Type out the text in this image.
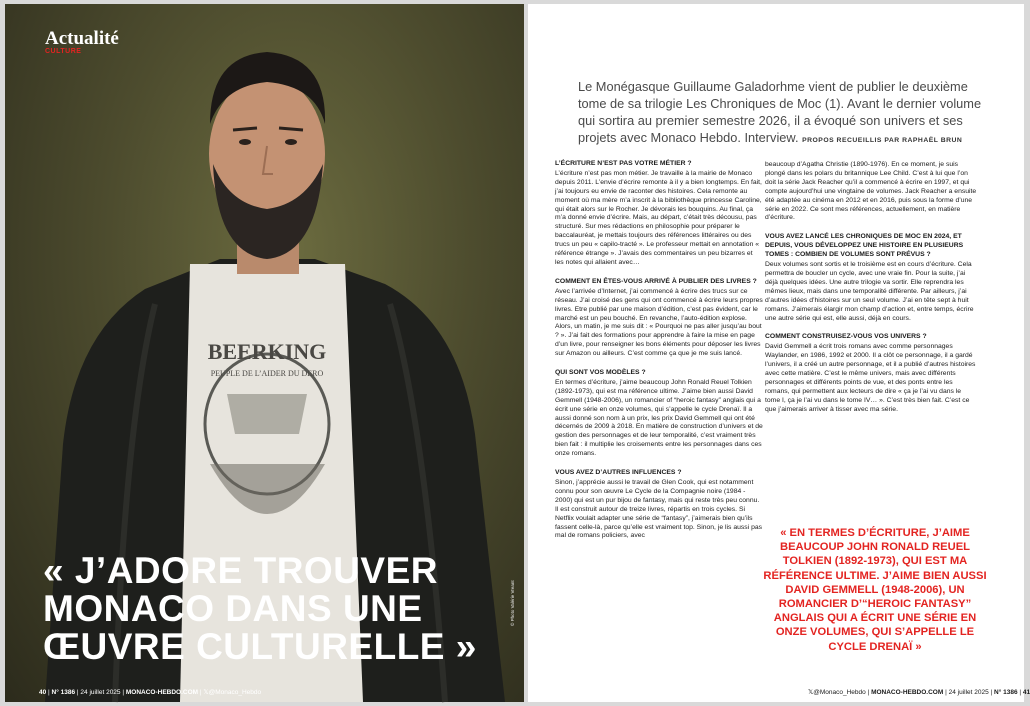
BEERKING
PEUPLE DE L’AIDER DU DERO
Actualité
CULTURE
« J’ADORE TROUVER MONACO DANS UNE ŒUVRE CULTURELLE »
© Photo Valérie Vreant
40 | N° 1386 | 24 juillet 2025 | MONACO-HEBDO.COM | 𝕏@Monaco_Hebdo
Le Monégasque Guillaume Galadorhme vient de publier le deuxième tome de sa trilogie Les Chroniques de Moc (1). Avant le dernier volume qui sortira au premier semestre 2026, il a évoqué son univers et ses projets avec Monaco Hebdo. Interview. PROPOS RECUEILLIS PAR RAPHAËL BRUN
L’ÉCRITURE N’EST PAS VOTRE MÉTIER ?
L’écriture n’est pas mon métier. Je travaille à la mairie de Monaco depuis 2011. L’envie d’écrire remonte à il y a bien longtemps. En fait, j’ai toujours eu envie de raconter des histoires. Cela remonte au moment où ma mère m’a inscrit à la bibliothèque princesse Caroline, qui était alors sur le Rocher. Je dévorais les bouquins. Au final, ça m’a donné envie d’écrire. Mais, au départ, c’était très décousu, pas structuré. Sur mes rédactions en philosophie pour préparer le baccalauréat, je mettais toujours des références littéraires ou des trucs un peu « capilo-tracté ». Le professeur mettait en annotation « référence étrange ». J’avais des commentaires un peu bizarres et les notes qui allaient avec…
COMMENT EN ÊTES-VOUS ARRIVÉ À PUBLIER DES LIVRES ?
Avec l’arrivée d’Internet, j’ai commencé à écrire des trucs sur ce réseau. J’ai croisé des gens qui ont commencé à écrire leurs propres livres. Etre publié par une maison d’édition, c’est pas évident, car le marché est un peu bouché. En revanche, l’auto-édition explose. Alors, un matin, je me suis dit : « Pourquoi ne pas aller jusqu’au bout ? ». J’ai fait des formations pour apprendre à faire la mise en page d’un livre, pour renseigner les bons éléments pour déposer les livres sur Amazon ou ailleurs. C’est comme ça que je me suis lancé.
QUI SONT VOS MODÈLES ?
En termes d’écriture, j’aime beaucoup John Ronald Reuel Tolkien (1892-1973), qui est ma référence ultime. J’aime bien aussi David Gemmell (1948-2006), un romancier of “heroic fantasy” anglais qui a écrit une série en onze volumes, qui s’appelle le cycle Drenaï. Il a aussi donné son nom à un prix, les prix David Gemmell qui ont été décernés de 2009 à 2018. En matière de construction d’univers et de gestion des personnages et de leur temporalité, c’est vraiment très bien fait : il multiplie les croisements entre les personnages dans ces onze romans.
VOUS AVEZ D’AUTRES INFLUENCES ?
Sinon, j’apprécie aussi le travail de Glen Cook, qui est notamment connu pour son œuvre Le Cycle de la Compagnie noire (1984 - 2000) qui est un pur bijou de fantasy, mais qui reste très peu connu. Il est construit autour de treize livres, répartis en trois cycles. Si Netflix voulait adapter une série de “fantasy”, j’aimerais bien qu’ils fassent celle-là, parce qu’elle est vraiment top. Sinon, je lis aussi pas mal de romans policiers, avec
beaucoup d’Agatha Christie (1890-1976). En ce moment, je suis plongé dans les polars du britannique Lee Child. C’est à lui que l’on doit la série Jack Reacher qu’il a commencé à écrire en 1997, et qui compte aujourd’hui une vingtaine de volumes. Jack Reacher a ensuite été adaptée au cinéma en 2012 et en 2016, puis sous la forme d’une série en 2022. Ce sont mes références, actuellement, en matière d’écriture.
VOUS AVEZ LANCÉ LES CHRONIQUES DE MOC EN 2024, ET DEPUIS, VOUS DÉVELOPPEZ UNE HISTOIRE EN PLUSIEURS TOMES : COMBIEN DE VOLUMES SONT PRÉVUS ?
Deux volumes sont sortis et le troisième est en cours d’écriture. Cela permettra de boucler un cycle, avec une vraie fin. Pour la suite, j’ai déjà quelques idées. Une autre trilogie va sortir. Elle reprendra les mêmes lieux, mais dans une temporalité différente. Par ailleurs, j’ai d’autres idées d’histoires sur un seul volume. J’ai en tête sept à huit romans. J’aimerais élargir mon champ d’action et, entre temps, écrire une autre série qui est, elle aussi, déjà en cours.
COMMENT CONSTRUISEZ-VOUS VOS UNIVERS ?
David Gemmell a écrit trois romans avec comme personnages Waylander, en 1986, 1992 et 2000. Il a clôt ce personnage, il a gardé l’univers, il a créé un autre personnage, et il a publié d’autres histoires avec cette matière. C’est le même univers, mais avec différents personnages et différents points de vue, et des ponts entre les romans, qui permettent aux lecteurs de dire « ça je l’ai vu dans le tome I, ça je l’ai vu dans le tome IV… ». C’est très bien fait. C’est ce que j’aimerais arriver à tisser avec ma série.
« EN TERMES D’ÉCRITURE, J’AIME BEAUCOUP JOHN RONALD REUEL TOLKIEN (1892-1973), QUI EST MA RÉFÉRENCE ULTIME. J’AIME BIEN AUSSI DAVID GEMMELL (1948-2006), UN ROMANCIER D’“HEROIC FANTASY” ANGLAIS QUI A ÉCRIT UNE SÉRIE EN ONZE VOLUMES, QUI S’APPELLE LE CYCLE DRENAÏ »
𝕏@Monaco_Hebdo | MONACO-HEBDO.COM | 24 juillet 2025 | N° 1386 | 41
